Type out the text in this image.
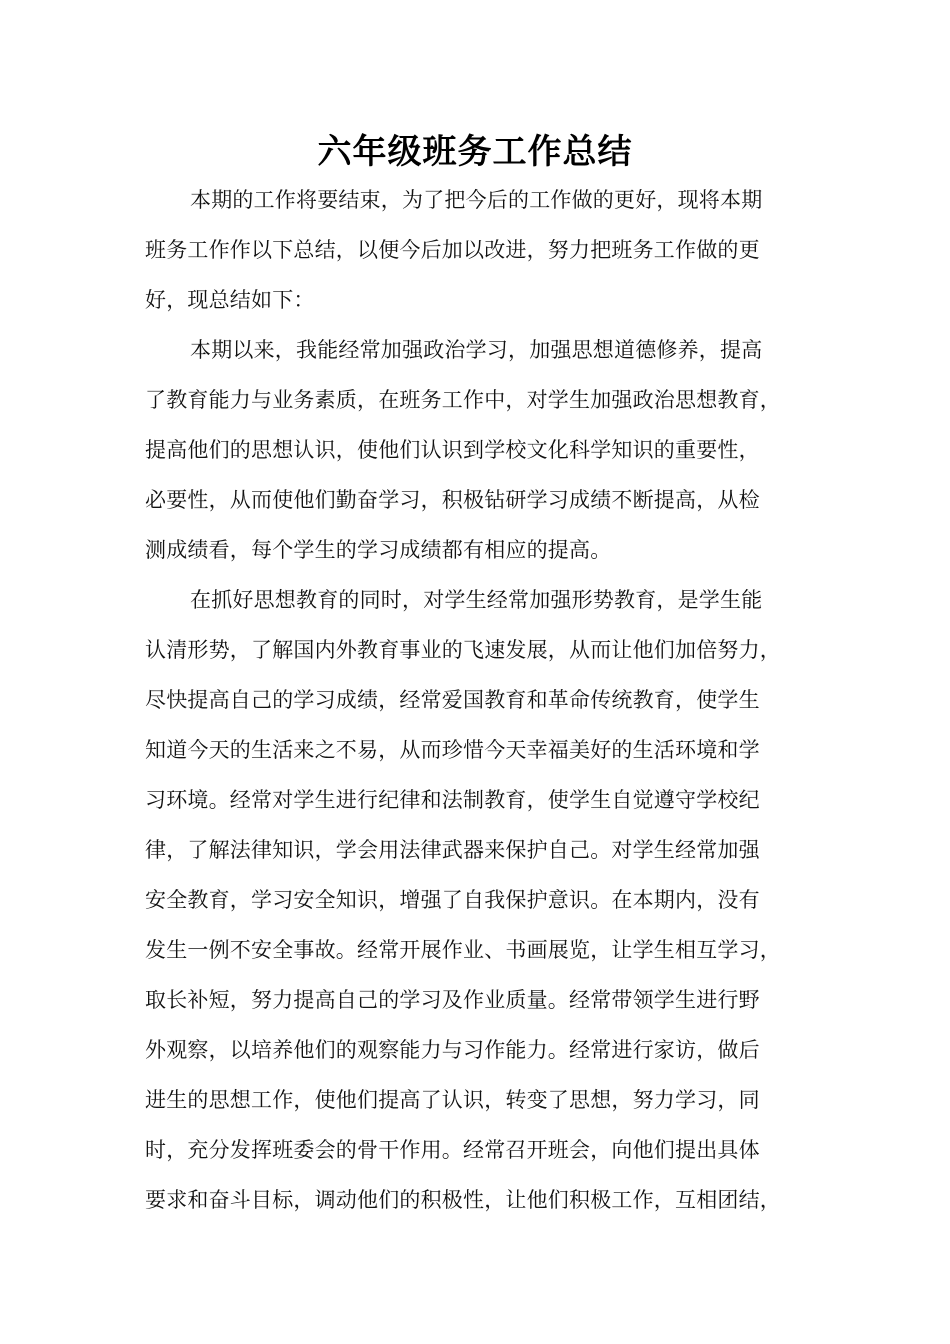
六年级班务工作总结
本期的工作将要结束，为了把今后的工作做的更好，现将本期
班务工作作以下总结，以便今后加以改进，努力把班务工作做的更
好，现总结如下：
本期以来，我能经常加强政治学习，加强思想道德修养，提高
了教育能力与业务素质，在班务工作中，对学生加强政治思想教育，
提高他们的思想认识，使他们认识到学校文化科学知识的重要性，
必要性，从而使他们勤奋学习，积极钻研学习成绩不断提高，从检
测成绩看，每个学生的学习成绩都有相应的提高。
在抓好思想教育的同时，对学生经常加强形势教育，是学生能
认清形势，了解国内外教育事业的飞速发展，从而让他们加倍努力，
尽快提高自己的学习成绩，经常爱国教育和革命传统教育，使学生
知道今天的生活来之不易，从而珍惜今天幸福美好的生活环境和学
习环境。经常对学生进行纪律和法制教育，使学生自觉遵守学校纪
律，了解法律知识，学会用法律武器来保护自己。对学生经常加强
安全教育，学习安全知识，增强了自我保护意识。在本期内，没有
发生一例不安全事故。经常开展作业、书画展览，让学生相互学习，
取长补短，努力提高自己的学习及作业质量。经常带领学生进行野
外观察，以培养他们的观察能力与习作能力。经常进行家访，做后
进生的思想工作，使他们提高了认识，转变了思想，努力学习，同
时，充分发挥班委会的骨干作用。经常召开班会，向他们提出具体
要求和奋斗目标，调动他们的积极性，让他们积极工作，互相团结，
